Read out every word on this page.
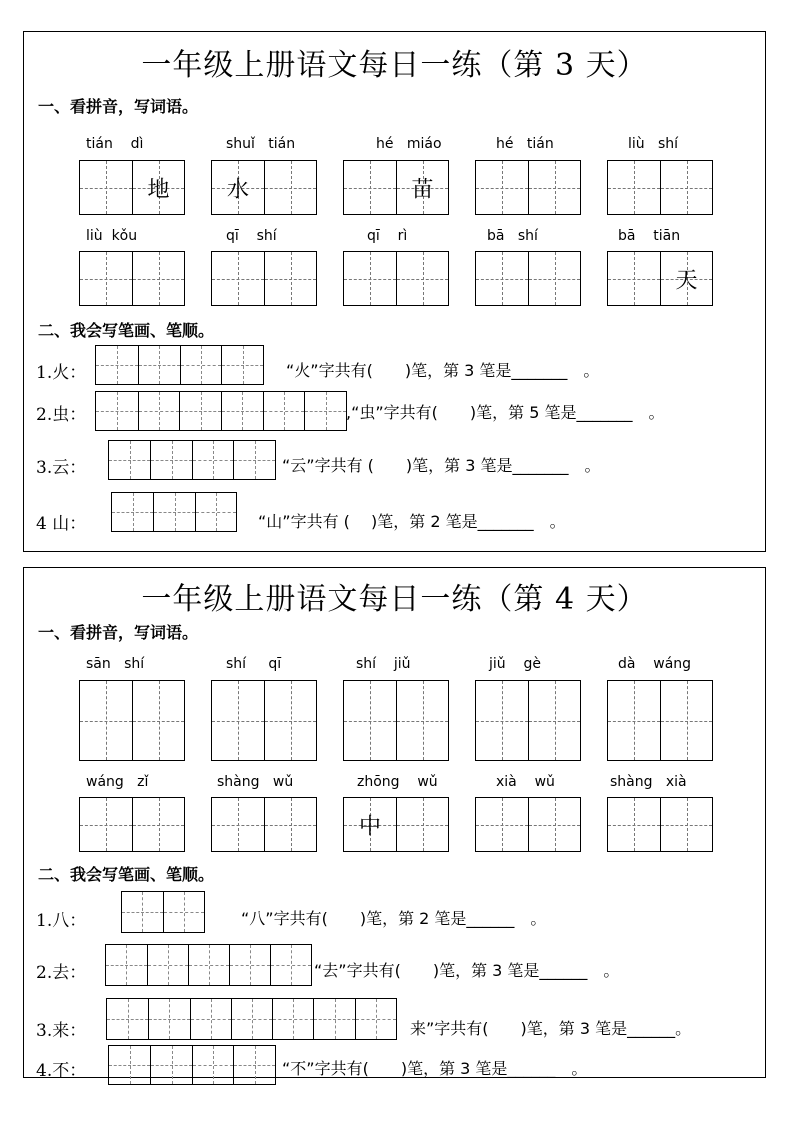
一年级上册语文每日一练（第 3 天）
一、看拼音，写词语。
tián dì	shuǐ tián	hé miáo	hé tián	liù shí
地	水	苗
liù kǒu	qī shí	qī rì	bā shí	bā tiān
天
二、我会写笔画、笔顺。
1.火：	“火”字共有(　　)笔，第 3 笔是_______　。
2.虫：	,“虫”字共有(　　)笔，第 5 笔是_______　。
3.云：	“云”字共有 (　　)笔，第 3 笔是_______　。
4 山：	“山”字共有 (　 )笔，第 2 笔是_______　。
一年级上册语文每日一练（第 4 天）
一、看拼音，写词语。
sān shí	shí qī	shí jiǔ	jiǔ gè	dà wáng
wáng zǐ	shàng wǔ	zhōng wǔ	xià wǔ	shàng xià
中
二、我会写笔画、笔顺。
1.八：	“八”字共有(　　)笔，第 2 笔是______　。
2.去：	“去”字共有(　　)笔，第 3 笔是______　。
3.来：	来”字共有(　　)笔，第 3 笔是______。
4.不：	“不”字共有(　　)笔，第 3 笔是______　。
